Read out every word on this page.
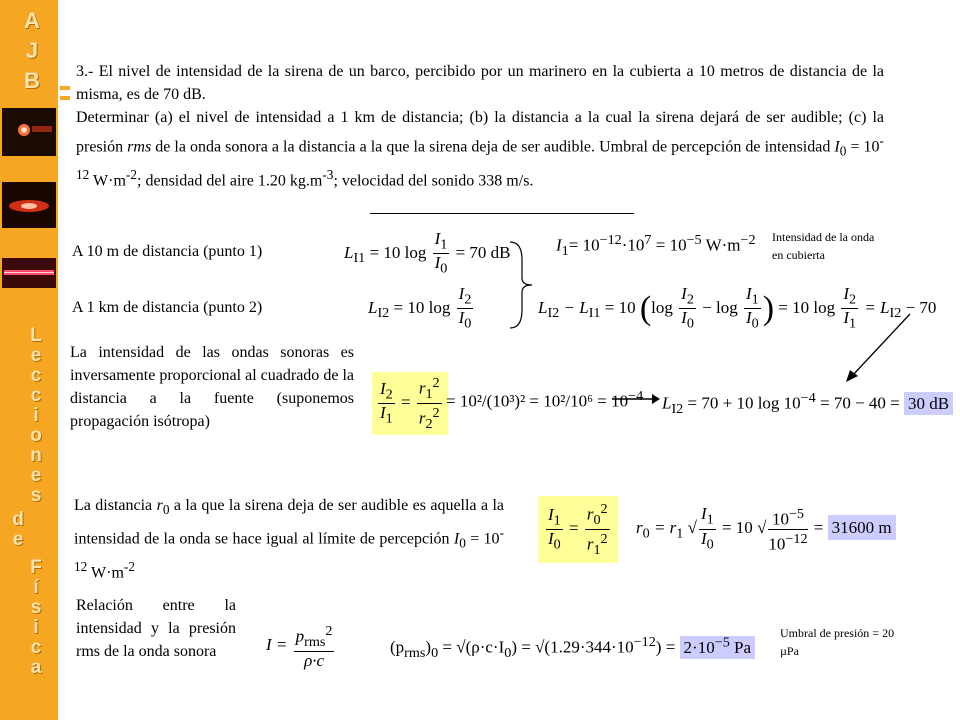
A
J
B
L
e
c
c
i
o
n
e
s
d
e
F
í
s
i
c
a
3.- El nivel de intensidad de la sirena de un barco, percibido por un marinero en la cubierta a 10 metros de distancia de la misma, es de 70 dB.
Determinar (a) el nivel de intensidad a 1 km de distancia; (b) la distancia a la cual la sirena dejará de ser audible; (c) la presión rms de la onda sonora a la distancia a la que la sirena deja de ser audible. Umbral de percepción de intensidad $I_0 = 10^{-12}$ $W\cdot m^{-2}$; densidad del aire 1.20 $kg.m^{-3}$; velocidad del sonido 338 m/s.
A 10 m de distancia (punto 1)	$L_{I1} = 10$ $\log \frac{I_1}{I_0} = 70$ dB	$I_1= 10^{-12}\cdot 10^7 = 10^{-5}$ $W\cdot m^{-2}$ Intensidad de la onda en cubierta
A 1 km de distancia (punto 2)	$L_{I2} = 10$ $\log \frac{I_2}{I_0}$	$L_{I2} - L_{I1} = 10$ ($\log \frac{I_2}{I_0} - \log \frac{I_1}{I_0}$ ) = 10 $\log \frac{I_2}{I_1} = L_{I2} - 70$
La intensidad de las ondas sonoras es inversamente proporcional al cuadrado de la distancia a la fuente (suponemos propagación isótropa)	$\frac{I_2}{I_1} = \frac{r_1^2}{r_2^2} = 10^2/(10^3)^2 = 10^2/10^6 = 10^{-4}$ $L_{I2} = 70 + 10$ $\log 10^{-4} = 70 - 40 = 30$ dB
La distancia $r_0$ a la que la sirena deja de ser audible es aquella a la intensidad de la onda se hace igual al límite de percepción $I_0 = 10^{-12}$ $W\cdot m^{-2}$
$\frac{I_1}{I_0} = \frac{r_0^2}{r_1^2} r_0 = r_1$ √ $\frac{I_1}{I_0} = 10$ √ $\frac{10^{-5}}{10^{-12}} = 31600$ m
Relación entre la intensidad y la presión rms de la onda sonora	$I = \frac{p_{rms}^2}{\rho\cdot c}$	$(p_{rms})_0 = √(\rho\cdot c\cdot I_0) = √(1.29\cdot 344\cdot 10^{-12}) = 2\cdot 10^{-5}$ Pa
Umbral de presión = 20 µPa
